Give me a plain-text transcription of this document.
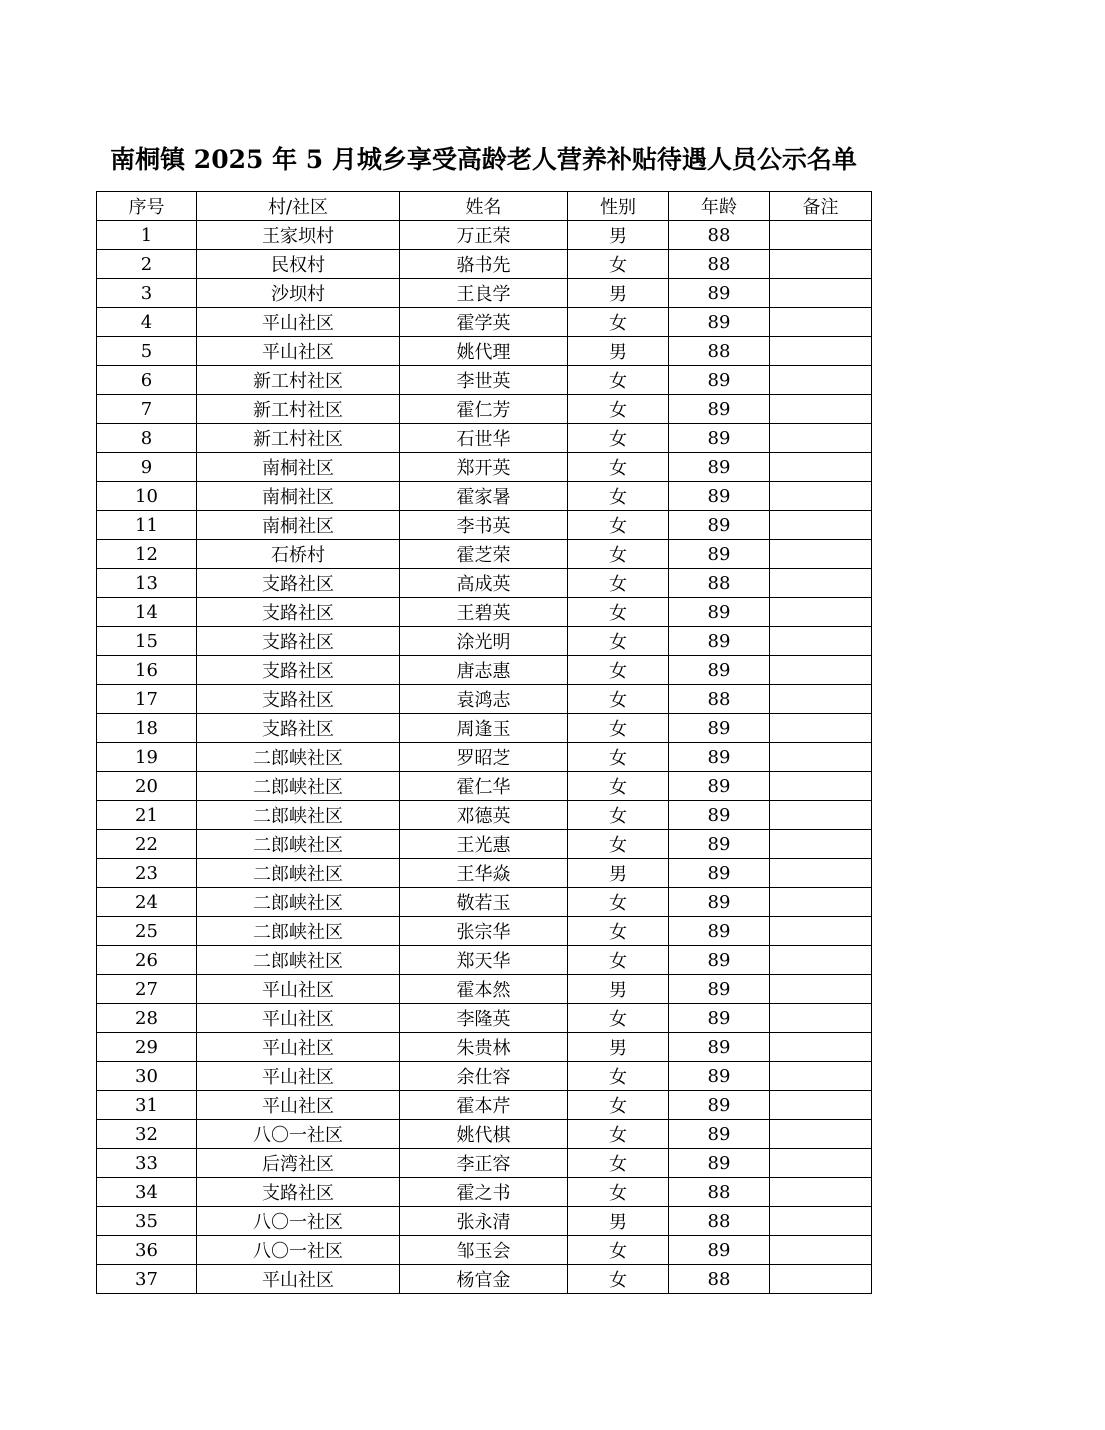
南桐镇 2025 年 5 月城乡享受高龄老人营养补贴待遇人员公示名单
序号	村/社区	姓名	性别	年龄	备注
1	王家坝村	万正荣	男	88	
2	民权村	骆书先	女	88	
3	沙坝村	王良学	男	89	
4	平山社区	霍学英	女	89	
5	平山社区	姚代理	男	88	
6	新工村社区	李世英	女	89	
7	新工村社区	霍仁芳	女	89	
8	新工村社区	石世华	女	89	
9	南桐社区	郑开英	女	89	
10	南桐社区	霍家暑	女	89	
11	南桐社区	李书英	女	89	
12	石桥村	霍芝荣	女	89	
13	支路社区	高成英	女	88	
14	支路社区	王碧英	女	89	
15	支路社区	涂光明	女	89	
16	支路社区	唐志惠	女	89	
17	支路社区	袁鸿志	女	88	
18	支路社区	周逢玉	女	89	
19	二郎峡社区	罗昭芝	女	89	
20	二郎峡社区	霍仁华	女	89	
21	二郎峡社区	邓德英	女	89	
22	二郎峡社区	王光惠	女	89	
23	二郎峡社区	王华焱	男	89	
24	二郎峡社区	敬若玉	女	89	
25	二郎峡社区	张宗华	女	89	
26	二郎峡社区	郑天华	女	89	
27	平山社区	霍本然	男	89	
28	平山社区	李隆英	女	89	
29	平山社区	朱贵林	男	89	
30	平山社区	余仕容	女	89	
31	平山社区	霍本芹	女	89	
32	八〇一社区	姚代棋	女	89	
33	后湾社区	李正容	女	89	
34	支路社区	霍之书	女	88	
35	八〇一社区	张永清	男	88	
36	八〇一社区	邹玉会	女	89	
37	平山社区	杨官金	女	88	
